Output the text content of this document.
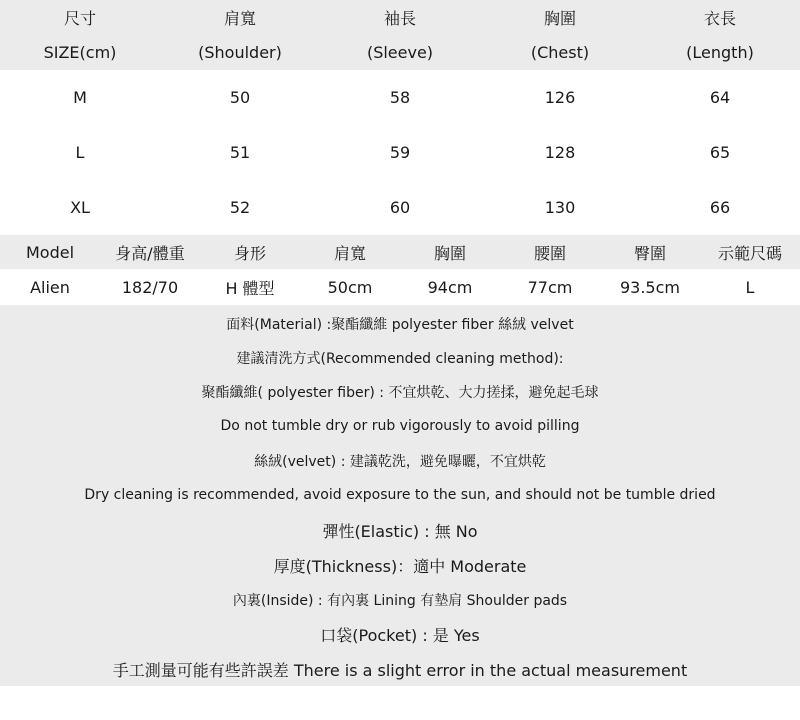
尺寸	肩寬	袖長	胸圍	衣長
SIZE(cm)	(Shoulder)	(Sleeve)	(Chest)	(Length)
M	50	58	126	64
L	51	59	128	65
XL	52	60	130	66
Model	身高/體重	身形	肩寬	胸圍	腰圍	臀圍	示範尺碼
Alien	182/70	H 體型	50cm	94cm	77cm	93.5cm	L
面料(Material) :聚酯纖維 polyester fiber 絲絨 velvet
建議清洗方式(Recommended cleaning method):
聚酯纖維( polyester fiber) : 不宜烘乾、大力搓揉，避免起毛球
Do not tumble dry or rub vigorously to avoid pilling
絲絨(velvet) : 建議乾洗，避免曝曬，不宜烘乾
Dry cleaning is recommended, avoid exposure to the sun, and should not be tumble dried
彈性(Elastic) : 無 No
厚度(Thickness)：適中 Moderate
內裏(Inside) : 有內裏 Lining 有墊肩 Shoulder pads
口袋(Pocket) : 是 Yes
手工測量可能有些許誤差 There is a slight error in the actual measurement
